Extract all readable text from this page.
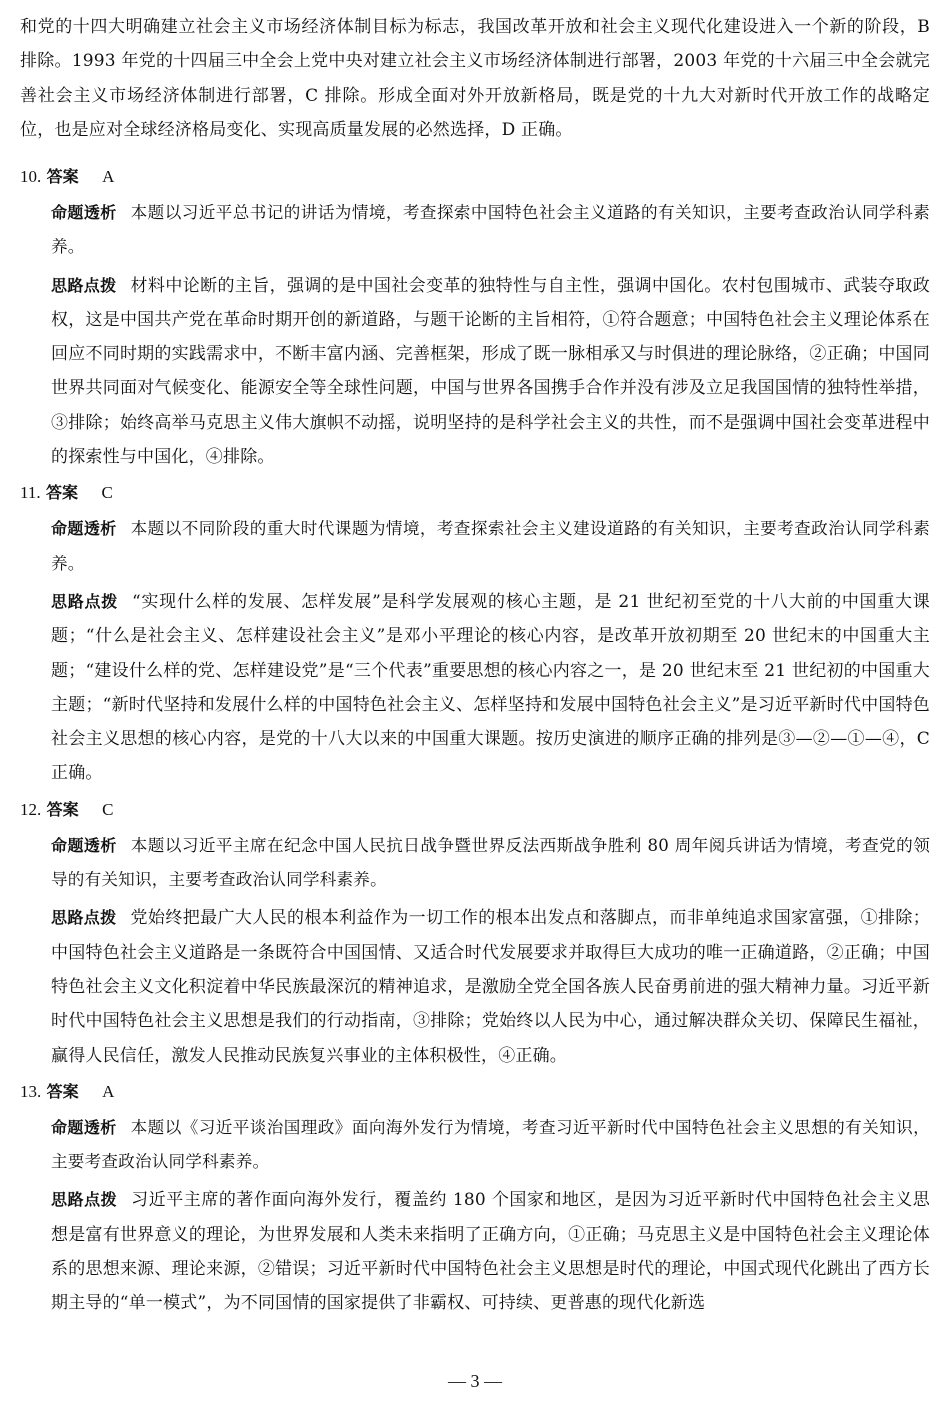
和党的十四大明确建立社会主义市场经济体制目标为标志，我国改革开放和社会主义现代化建设进入一个新的阶段，B 排除。1993 年党的十四届三中全会上党中央对建立社会主义市场经济体制进行部署，2003 年党的十六届三中全会就完善社会主义市场经济体制进行部署，C 排除。形成全面对外开放新格局，既是党的十九大对新时代开放工作的战略定位，也是应对全球经济格局变化、实现高质量发展的必然选择，D 正确。

10. 答案 A

命题透析 本题以习近平总书记的讲话为情境，考查探索中国特色社会主义道路的有关知识，主要考查政治认同学科素养。

思路点拨 材料中论断的主旨，强调的是中国社会变革的独特性与自主性，强调中国化。农村包围城市、武装夺取政权，这是中国共产党在革命时期开创的新道路，与题干论断的主旨相符，①符合题意；中国特色社会主义理论体系在回应不同时期的实践需求中，不断丰富内涵、完善框架，形成了既一脉相承又与时俱进的理论脉络，②正确；中国同世界共同面对气候变化、能源安全等全球性问题，中国与世界各国携手合作并没有涉及立足我国国情的独特性举措，③排除；始终高举马克思主义伟大旗帜不动摇，说明坚持的是科学社会主义的共性，而不是强调中国社会变革进程中的探索性与中国化，④排除。

11. 答案 C

命题透析 本题以不同阶段的重大时代课题为情境，考查探索社会主义建设道路的有关知识，主要考查政治认同学科素养。

思路点拨 “实现什么样的发展、怎样发展”是科学发展观的核心主题，是 21 世纪初至党的十八大前的中国重大课题；“什么是社会主义、怎样建设社会主义”是邓小平理论的核心内容，是改革开放初期至 20 世纪末的中国重大主题；“建设什么样的党、怎样建设党”是“三个代表”重要思想的核心内容之一，是 20 世纪末至 21 世纪初的中国重大主题；“新时代坚持和发展什么样的中国特色社会主义、怎样坚持和发展中国特色社会主义”是习近平新时代中国特色社会主义思想的核心内容，是党的十八大以来的中国重大课题。按历史演进的顺序正确的排列是③—②—①—④，C 正确。

12. 答案 C

命题透析 本题以习近平主席在纪念中国人民抗日战争暨世界反法西斯战争胜利 80 周年阅兵讲话为情境，考查党的领导的有关知识，主要考查政治认同学科素养。

思路点拨 党始终把最广大人民的根本利益作为一切工作的根本出发点和落脚点，而非单纯追求国家富强，①排除；中国特色社会主义道路是一条既符合中国国情、又适合时代发展要求并取得巨大成功的唯一正确道路，②正确；中国特色社会主义文化积淀着中华民族最深沉的精神追求，是激励全党全国各族人民奋勇前进的强大精神力量。习近平新时代中国特色社会主义思想是我们的行动指南，③排除；党始终以人民为中心，通过解决群众关切、保障民生福祉，赢得人民信任，激发人民推动民族复兴事业的主体积极性，④正确。

13. 答案 A

命题透析 本题以《习近平谈治国理政》面向海外发行为情境，考查习近平新时代中国特色社会主义思想的有关知识，主要考查政治认同学科素养。

思路点拨 习近平主席的著作面向海外发行，覆盖约 180 个国家和地区，是因为习近平新时代中国特色社会主义思想是富有世界意义的理论，为世界发展和人类未来指明了正确方向，①正确；马克思主义是中国特色社会主义理论体系的思想来源、理论来源，②错误；习近平新时代中国特色社会主义思想是时代的理论，中国式现代化跳出了西方长期主导的“单一模式”，为不同国情的国家提供了非霸权、可持续、更普惠的现代化新选

— 3 —
